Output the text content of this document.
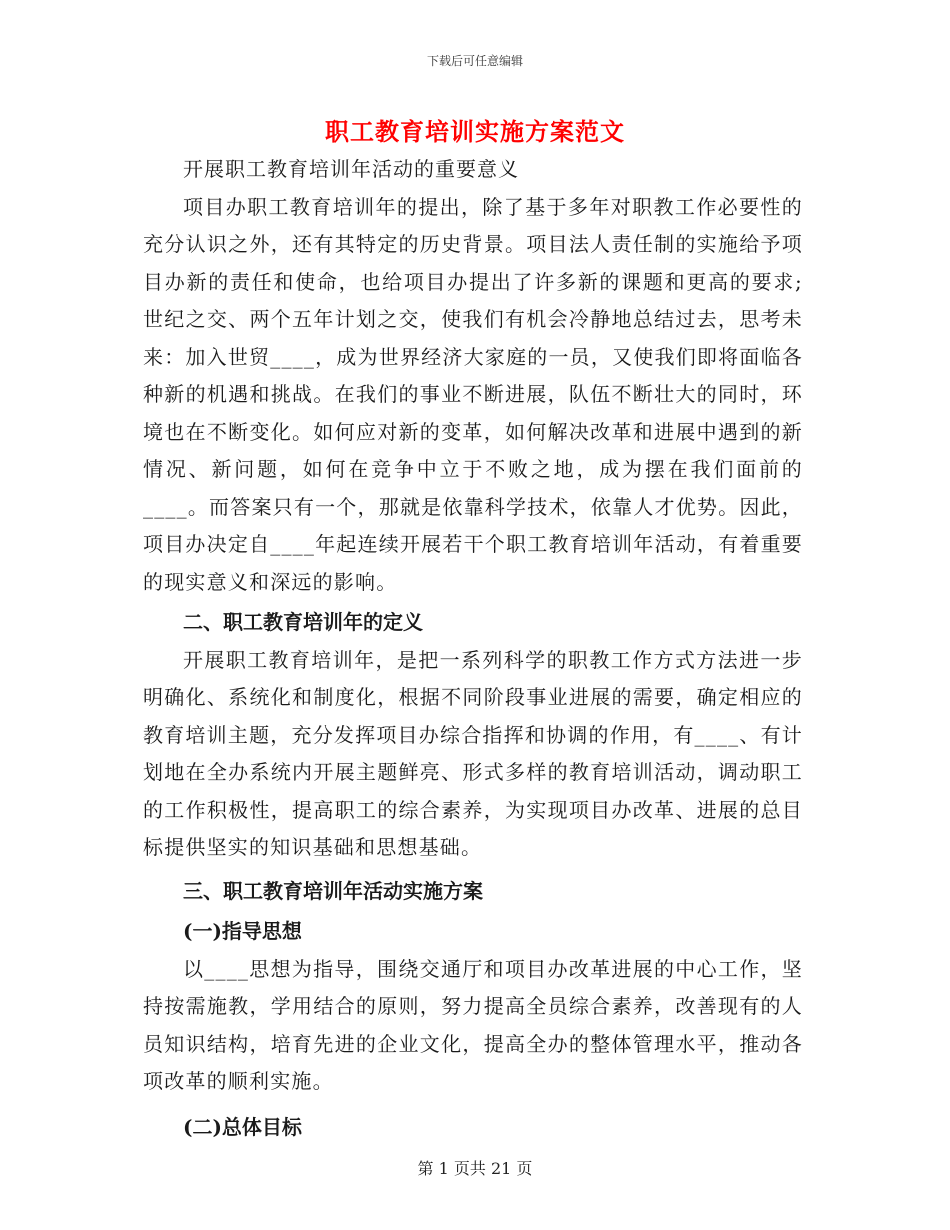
下载后可任意编辑
职工教育培训实施方案范文

开展职工教育培训年活动的重要意义

项目办职工教育培训年的提出，除了基于多年对职教工作必要性的充分认识之外，还有其特定的历史背景。项目法人责任制的实施给予项目办新的责任和使命，也给项目办提出了许多新的课题和更高的要求;世纪之交、两个五年计划之交，使我们有机会冷静地总结过去，思考未来：加入世贸____，成为世界经济大家庭的一员，又使我们即将面临各种新的机遇和挑战。在我们的事业不断进展，队伍不断壮大的同时，环境也在不断变化。如何应对新的变革，如何解决改革和进展中遇到的新情况、新问题，如何在竞争中立于不败之地，成为摆在我们面前的____。而答案只有一个，那就是依靠科学技术，依靠人才优势。因此，项目办决定自____年起连续开展若干个职工教育培训年活动，有着重要的现实意义和深远的影响。

二、职工教育培训年的定义

开展职工教育培训年，是把一系列科学的职教工作方式方法进一步明确化、系统化和制度化，根据不同阶段事业进展的需要，确定相应的教育培训主题，充分发挥项目办综合指挥和协调的作用，有____、有计划地在全办系统内开展主题鲜亮、形式多样的教育培训活动，调动职工的工作积极性，提高职工的综合素养，为实现项目办改革、进展的总目标提供坚实的知识基础和思想基础。

三、职工教育培训年活动实施方案
(一)指导思想

以____思想为指导，围绕交通厅和项目办改革进展的中心工作，坚持按需施教，学用结合的原则，努力提高全员综合素养，改善现有的人员知识结构，培育先进的企业文化，提高全办的整体管理水平，推动各项改革的顺利实施。

(二)总体目标
第 1 页共 21 页
